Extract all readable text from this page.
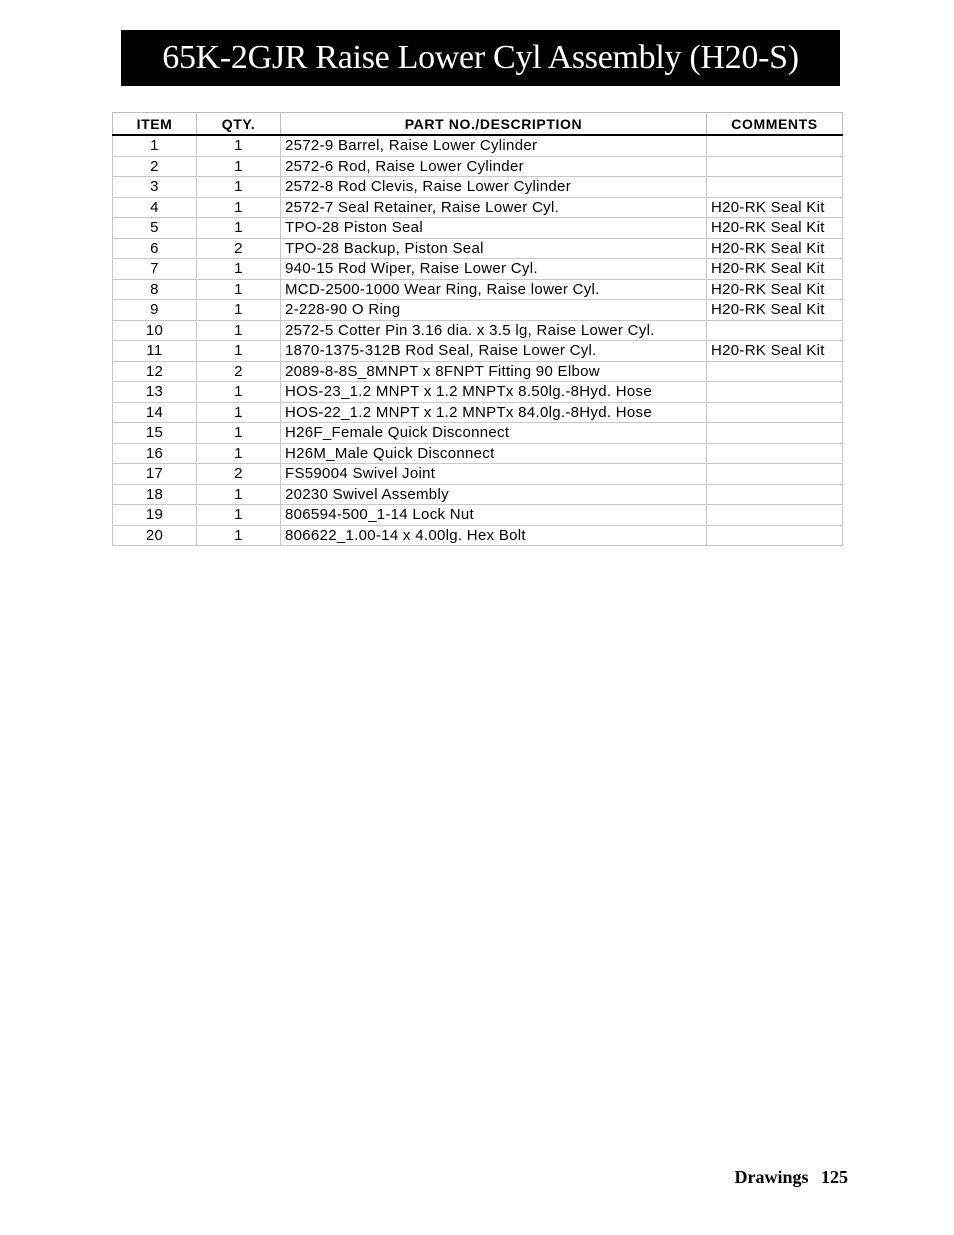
65K-2GJR Raise Lower Cyl Assembly (H20-S)
ITEM	QTY.	PART NO./DESCRIPTION	COMMENTS
1	1	2572-9 Barrel, Raise Lower Cylinder	
2	1	2572-6 Rod, Raise Lower Cylinder	
3	1	2572-8 Rod Clevis, Raise Lower Cylinder	
4	1	2572-7 Seal Retainer, Raise Lower Cyl.	H20-RK Seal Kit
5	1	TPO-28 Piston Seal	H20-RK Seal Kit
6	2	TPO-28 Backup, Piston Seal	H20-RK Seal Kit
7	1	940-15 Rod Wiper, Raise Lower Cyl.	H20-RK Seal Kit
8	1	MCD-2500-1000 Wear Ring, Raise lower Cyl.	H20-RK Seal Kit
9	1	2-228-90 O Ring	H20-RK Seal Kit
10	1	2572-5 Cotter Pin 3.16 dia. x 3.5 lg, Raise Lower Cyl.	
11	1	1870-1375-312B Rod Seal, Raise Lower Cyl.	H20-RK Seal Kit
12	2	2089-8-8S_8MNPT x 8FNPT Fitting 90 Elbow	
13	1	HOS-23_1.2 MNPT x 1.2 MNPTx 8.50lg.-8Hyd. Hose	
14	1	HOS-22_1.2 MNPT x 1.2 MNPTx 84.0lg.-8Hyd. Hose	
15	1	H26F_Female Quick Disconnect	
16	1	H26M_Male Quick Disconnect	
17	2	FS59004 Swivel Joint	
18	1	20230 Swivel Assembly	
19	1	806594-500_1-14 Lock Nut	
20	1	806622_1.00-14 x 4.00lg. Hex Bolt	
Drawings 125
